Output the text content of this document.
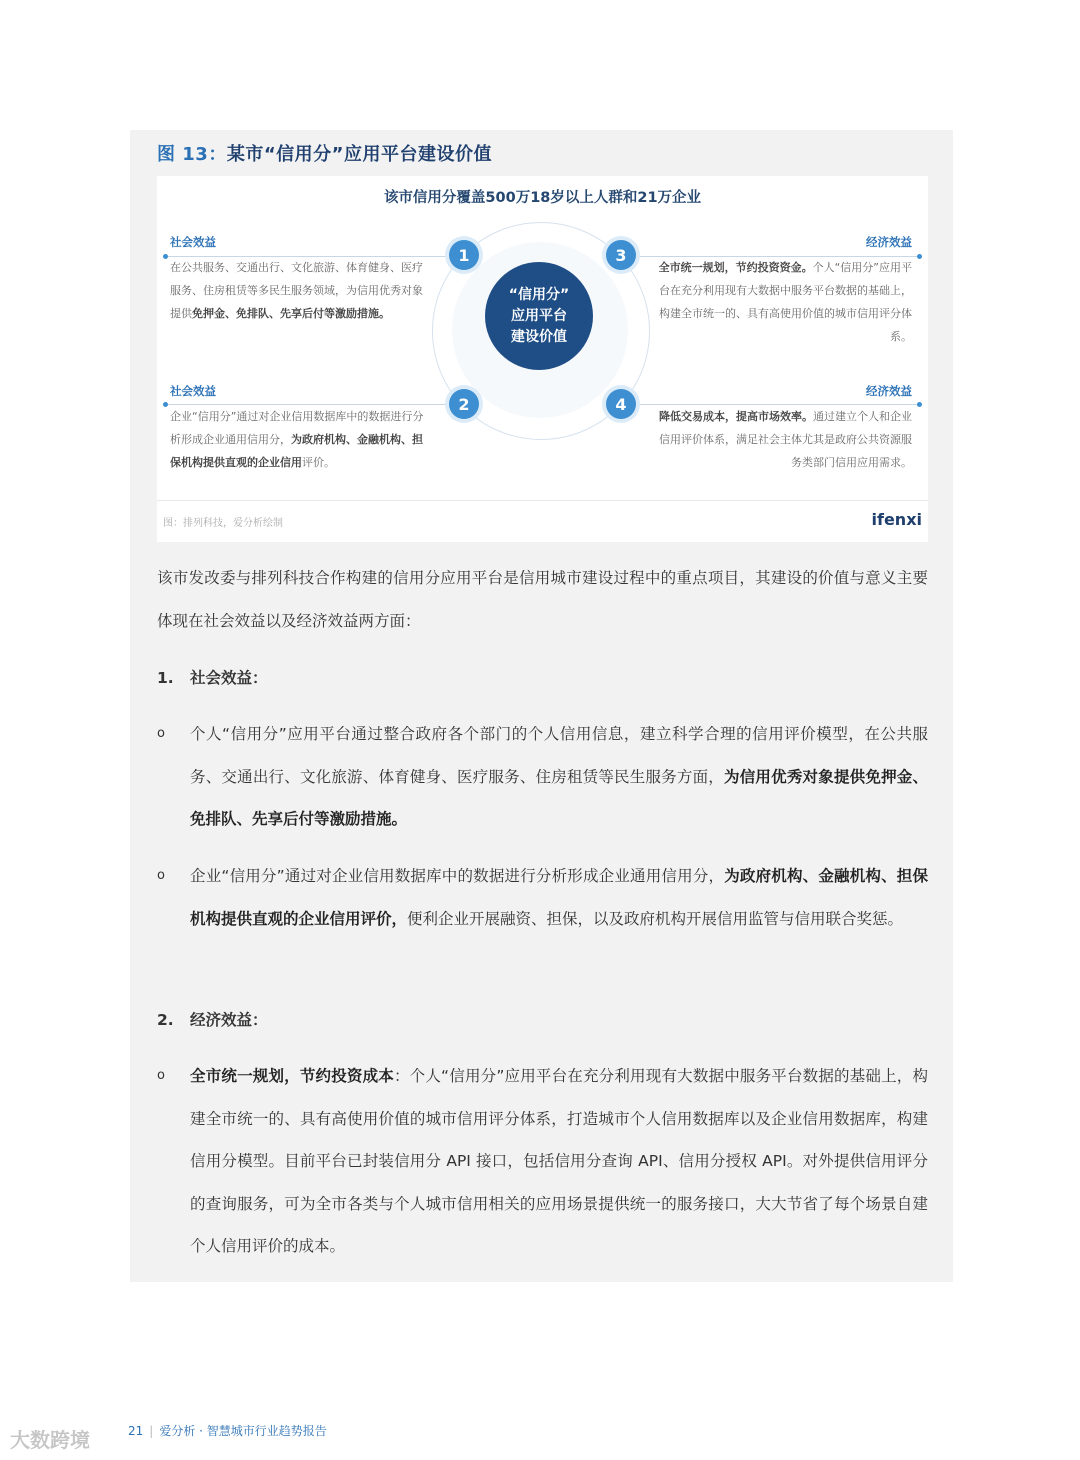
图 13：某市“信用分”应用平台建设价值
该市信用分覆盖500万18岁以上人群和21万企业
“信用分”
应用平台
建设价值
1
2
3
4
社会效益
在公共服务、交通出行、文化旅游、体育健身、医疗服务、住房租赁等多民生服务领域，为信用优秀对象提供免押金、免排队、先享后付等激励措施。
社会效益
企业“信用分”通过对企业信用数据库中的数据进行分析形成企业通用信用分，为政府机构、金融机构、担保机构提供直观的企业信用评价。
经济效益
全市统一规划，节约投资资金。个人“信用分”应用平台在充分利用现有大数据中服务平台数据的基础上，构建全市统一的、具有高使用价值的城市信用评分体系。
经济效益
降低交易成本，提高市场效率。通过建立个人和企业信用评价体系，满足社会主体尤其是政府公共资源服务类部门信用应用需求。
图：排列科技，爱分析绘制	ifenxi
该市发改委与排列科技合作构建的信用分应用平台是信用城市建设过程中的重点项目，其建设的价值与意义主要体现在社会效益以及经济效益两方面：
1. 社会效益：
o	个人“信用分”应用平台通过整合政府各个部门的个人信用信息，建立科学合理的信用评价模型，在公共服务、交通出行、文化旅游、体育健身、医疗服务、住房租赁等民生服务方面，为信用优秀对象提供免押金、免排队、先享后付等激励措施。
o	企业“信用分”通过对企业信用数据库中的数据进行分析形成企业通用信用分，为政府机构、金融机构、担保机构提供直观的企业信用评价，便利企业开展融资、担保，以及政府机构开展信用监管与信用联合奖惩。
2. 经济效益：
o	全市统一规划，节约投资成本：个人“信用分”应用平台在充分利用现有大数据中服务平台数据的基础上，构建全市统一的、具有高使用价值的城市信用评分体系，打造城市个人信用数据库以及企业信用数据库，构建信用分模型。目前平台已封装信用分 API 接口，包括信用分查询 API、信用分授权 API。对外提供信用评分的查询服务，可为全市各类与个人城市信用相关的应用场景提供统一的服务接口，大大节省了每个场景自建个人信用评价的成本。
21 | 爱分析 · 智慧城市行业趋势报告
大数跨境
